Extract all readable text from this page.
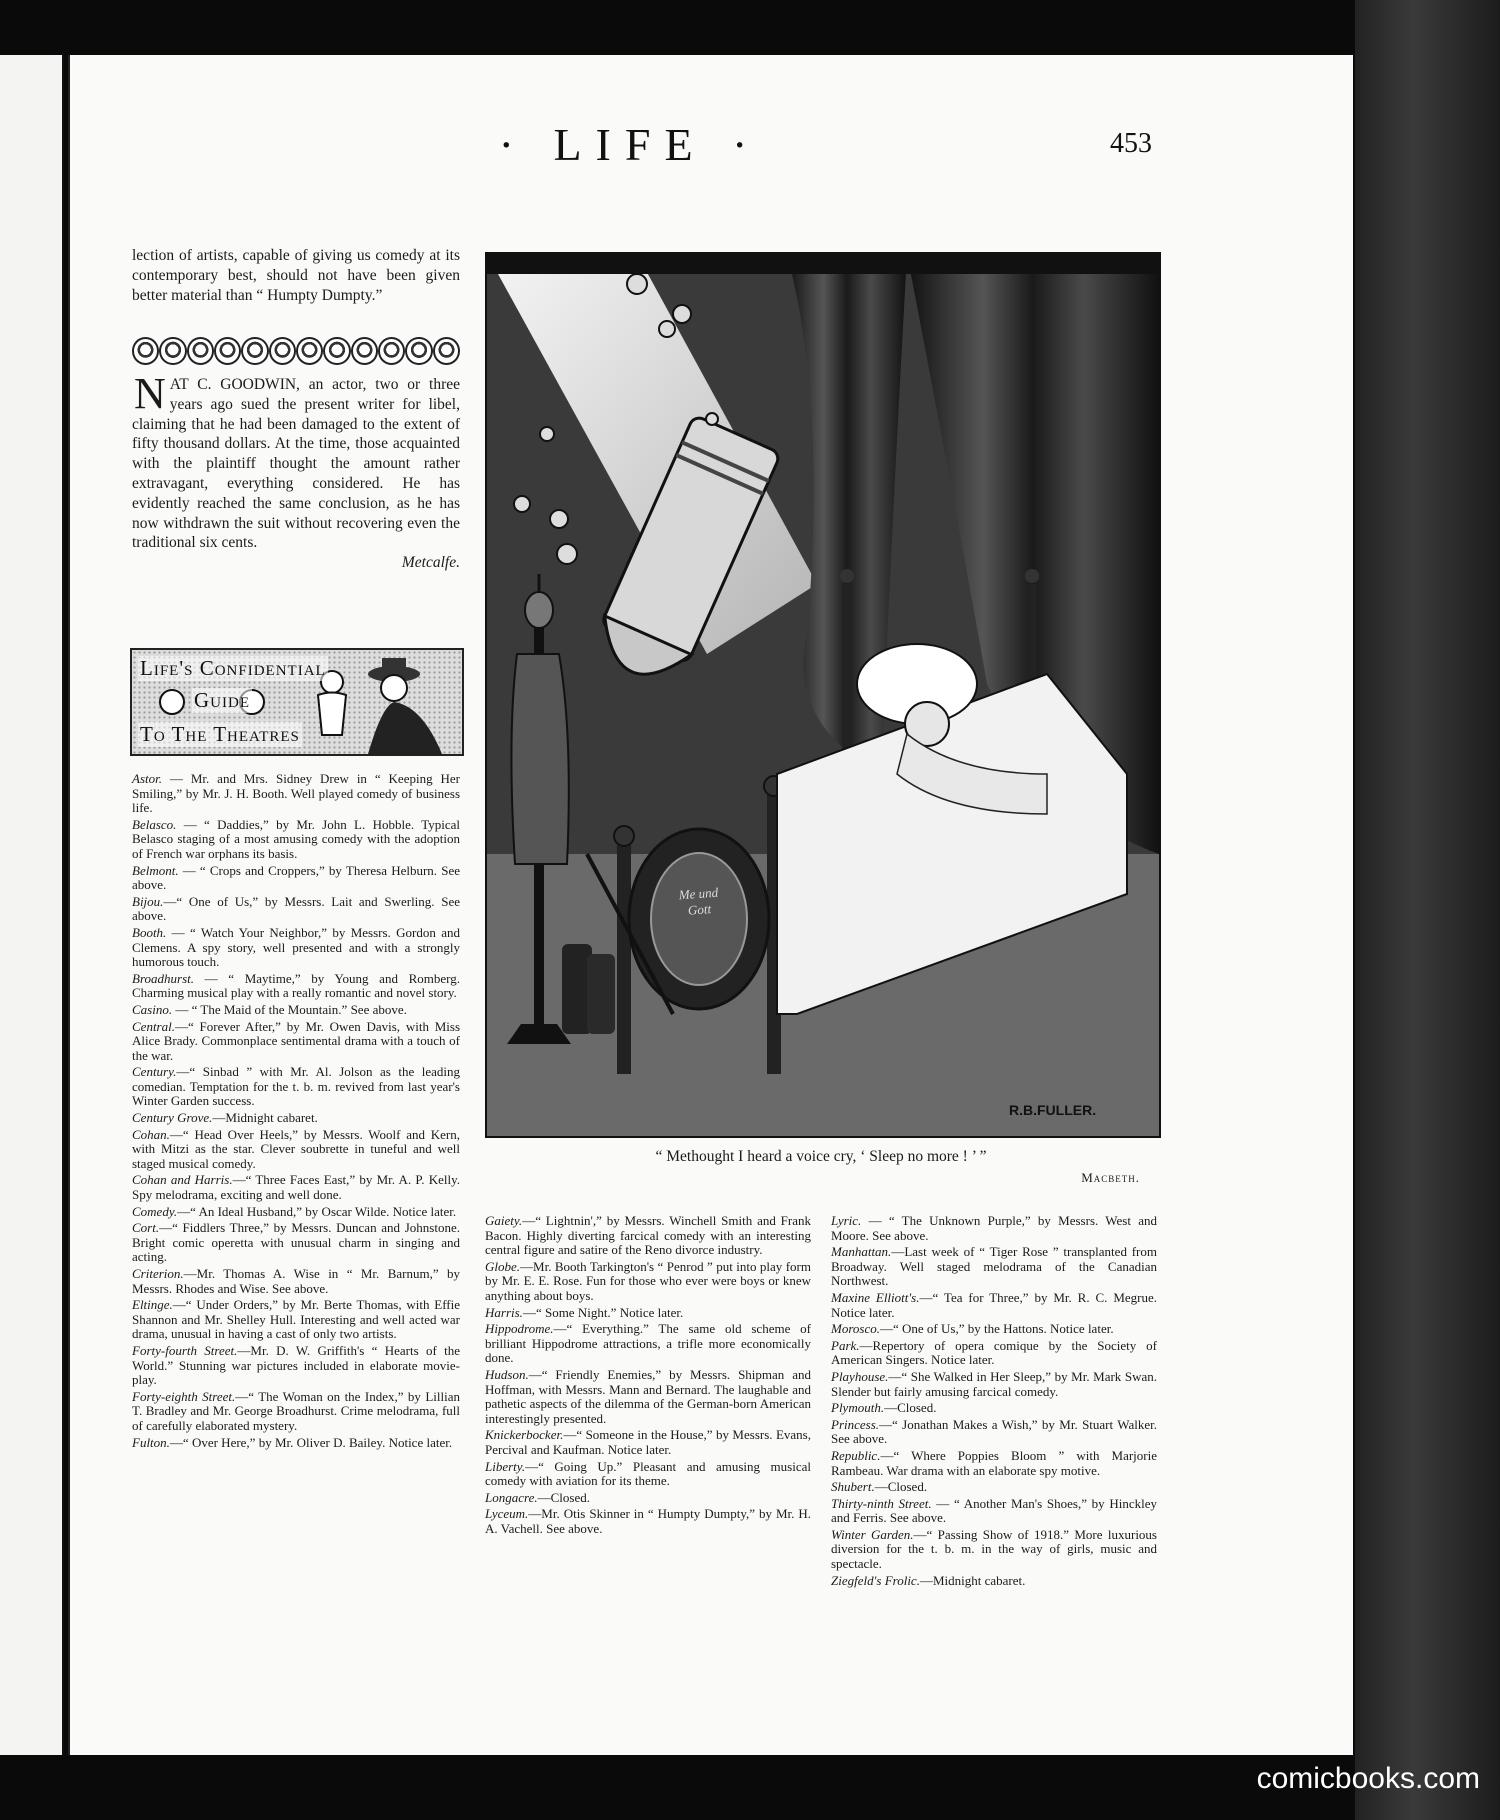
· LIFE ·	453

lection of artists, capable of giving us comedy at its contemporary best, should not have been given better material than “ Humpty Dumpty.”

NAT C. GOODWIN, an actor, two or three years ago sued the present writer for libel, claiming that he had been damaged to the extent of fifty thousand dollars. At the time, those acquainted with the plaintiff thought the amount rather extravagant, everything considered. He has evidently reached the same conclusion, as he has now withdrawn the suit without recovering even the traditional six cents.

Metcalfe.

Life's Confidential
Guide
To The Theatres

Astor. — Mr. and Mrs. Sidney Drew in “ Keeping Her Smiling,” by Mr. J. H. Booth. Well played comedy of business life.

Belasco. — “ Daddies,” by Mr. John L. Hobble. Typical Belasco staging of a most amusing comedy with the adoption of French war orphans its basis.

Belmont. — “ Crops and Croppers,” by Theresa Helburn. See above.

Bijou.—“ One of Us,” by Messrs. Lait and Swerling. See above.

Booth. — “ Watch Your Neighbor,” by Messrs. Gordon and Clemens. A spy story, well presented and with a strongly humorous touch.

Broadhurst. — “ Maytime,” by Young and Romberg. Charming musical play with a really romantic and novel story.

Casino. — “ The Maid of the Mountain.” See above.

Central.—“ Forever After,” by Mr. Owen Davis, with Miss Alice Brady. Commonplace sentimental drama with a touch of the war.

Century.—“ Sinbad ” with Mr. Al. Jolson as the leading comedian. Temptation for the t. b. m. revived from last year's Winter Garden success.

Century Grove.—Midnight cabaret.

Cohan.—“ Head Over Heels,” by Messrs. Woolf and Kern, with Mitzi as the star. Clever soubrette in tuneful and well staged musical comedy.

Cohan and Harris.—“ Three Faces East,” by Mr. A. P. Kelly. Spy melodrama, exciting and well done.

Comedy.—“ An Ideal Husband,” by Oscar Wilde. Notice later.

Cort.—“ Fiddlers Three,” by Messrs. Duncan and Johnstone. Bright comic operetta with unusual charm in singing and acting.

Criterion.—Mr. Thomas A. Wise in “ Mr. Barnum,” by Messrs. Rhodes and Wise. See above.

Eltinge.—“ Under Orders,” by Mr. Berte Thomas, with Effie Shannon and Mr. Shelley Hull. Interesting and well acted war drama, unusual in having a cast of only two artists.

Forty-fourth Street.—Mr. D. W. Griffith's “ Hearts of the World.” Stunning war pictures included in elaborate movie-play.

Forty-eighth Street.—“ The Woman on the Index,” by Lillian T. Bradley and Mr. George Broadhurst. Crime melodrama, full of carefully elaborated mystery.

Fulton.—“ Over Here,” by Mr. Oliver D. Bailey. Notice later.

Gaiety.—“ Lightnin',” by Messrs. Winchell Smith and Frank Bacon. Highly diverting farcical comedy with an interesting central figure and satire of the Reno divorce industry.

Globe.—Mr. Booth Tarkington's “ Penrod ” put into play form by Mr. E. E. Rose. Fun for those who ever were boys or knew anything about boys.

Harris.—“ Some Night.” Notice later.

Hippodrome.—“ Everything.” The same old scheme of brilliant Hippodrome attractions, a trifle more economically done.

Hudson.—“ Friendly Enemies,” by Messrs. Shipman and Hoffman, with Messrs. Mann and Bernard. The laughable and pathetic aspects of the dilemma of the German-born American interestingly presented.

Knickerbocker.—“ Someone in the House,” by Messrs. Evans, Percival and Kaufman. Notice later.

Liberty.—“ Going Up.” Pleasant and amusing musical comedy with aviation for its theme.

Longacre.—Closed.

Lyceum.—Mr. Otis Skinner in “ Humpty Dumpty,” by Mr. H. A. Vachell. See above.

Lyric. — “ The Unknown Purple,” by Messrs. West and Moore. See above.

Manhattan.—Last week of “ Tiger Rose ” transplanted from Broadway. Well staged melodrama of the Canadian Northwest.

Maxine Elliott's.—“ Tea for Three,” by Mr. R. C. Megrue. Notice later.

Morosco.—“ One of Us,” by the Hattons. Notice later.

Park.—Repertory of opera comique by the Society of American Singers. Notice later.

Playhouse.—“ She Walked in Her Sleep,” by Mr. Mark Swan. Slender but fairly amusing farcical comedy.

Plymouth.—Closed.

Princess.—“ Jonathan Makes a Wish,” by Mr. Stuart Walker. See above.

Republic.—“ Where Poppies Bloom ” with Marjorie Rambeau. War drama with an elaborate spy motive.

Shubert.—Closed.

Thirty-ninth Street. — “ Another Man's Shoes,” by Hinckley and Ferris. See above.

Winter Garden.—“ Passing Show of 1918.” More luxurious diversion for the t. b. m. in the way of girls, music and spectacle.

Ziegfeld's Frolic.—Midnight cabaret.

Me und Gott
R.B.FULLER.
“ Methought I heard a voice cry, ‘ Sleep no more ! ’ ”
Macbeth.
comicbooks.com
